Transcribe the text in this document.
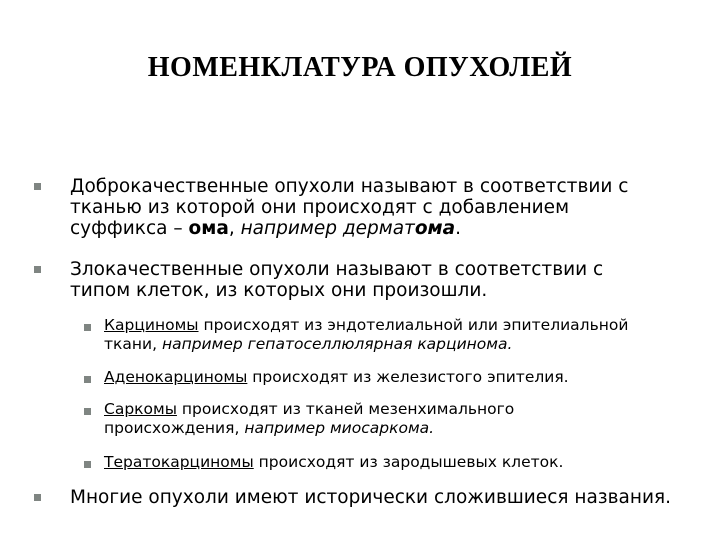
НОМЕНКЛАТУРА ОПУХОЛЕЙ
Доброкачественные опухоли называют в соответствии с
тканью из которой они происходят с добавлением
суффикса – ома, например дерматома.
Злокачественные опухоли называют в соответствии с
типом клеток, из которых они произошли.
Карциномы происходят из эндотелиальной или эпителиальной
ткани, например гепатоселлюлярная карцинома.
Аденокарциномы происходят из железистого эпителия.
Саркомы происходят из тканей мезенхимального
происхождения, например миосаркома.
Тератокарциномы происходят из зародышевых клеток.
Многие опухоли имеют исторически сложившиеся названия.
